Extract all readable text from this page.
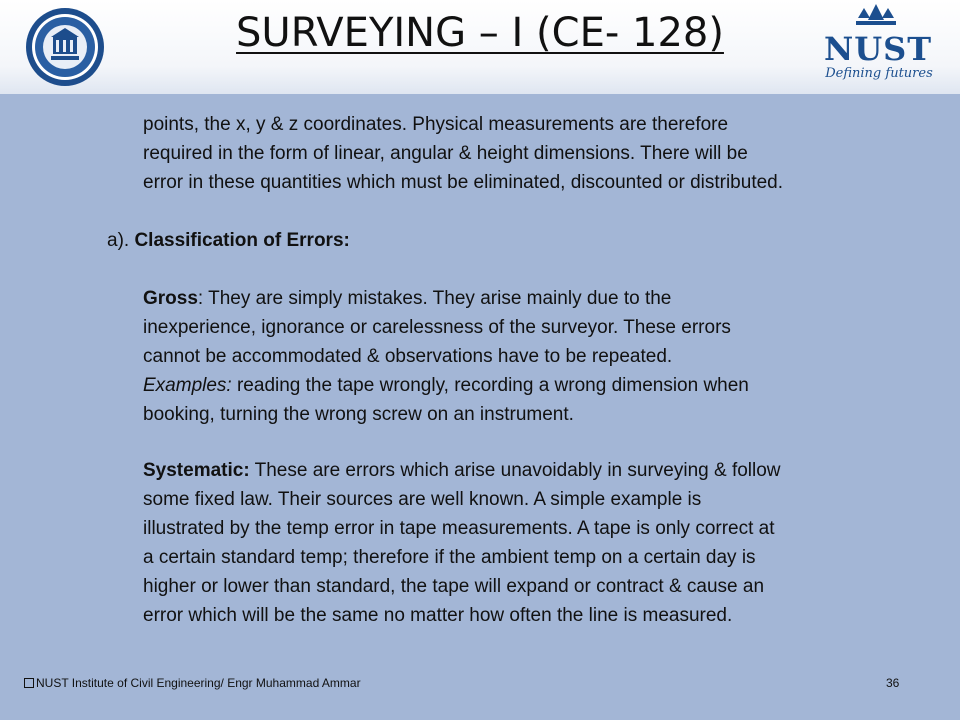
SURVEYING – I (CE- 128)	NUST
Defining futures
points, the x, y & z coordinates. Physical measurements are therefore
required in the form of linear, angular & height dimensions. There will be
error in these quantities which must be eliminated, discounted or distributed.
a). Classification of Errors:
Gross: They are simply mistakes. They arise mainly due to the
inexperience, ignorance or carelessness of the surveyor. These errors
cannot be accommodated & observations have to be repeated.
Examples: reading the tape wrongly, recording a wrong dimension when
booking, turning the wrong screw on an instrument.
Systematic: These are errors which arise unavoidably in surveying & follow
some fixed law. Their sources are well known. A simple example is
illustrated by the temp error in tape measurements. A tape is only correct at
a certain standard temp; therefore if the ambient temp on a certain day is
higher or lower than standard, the tape will expand or contract & cause an
error which will be the same no matter how often the line is measured.
NUST Institute of Civil Engineering/ Engr Muhammad Ammar	36
